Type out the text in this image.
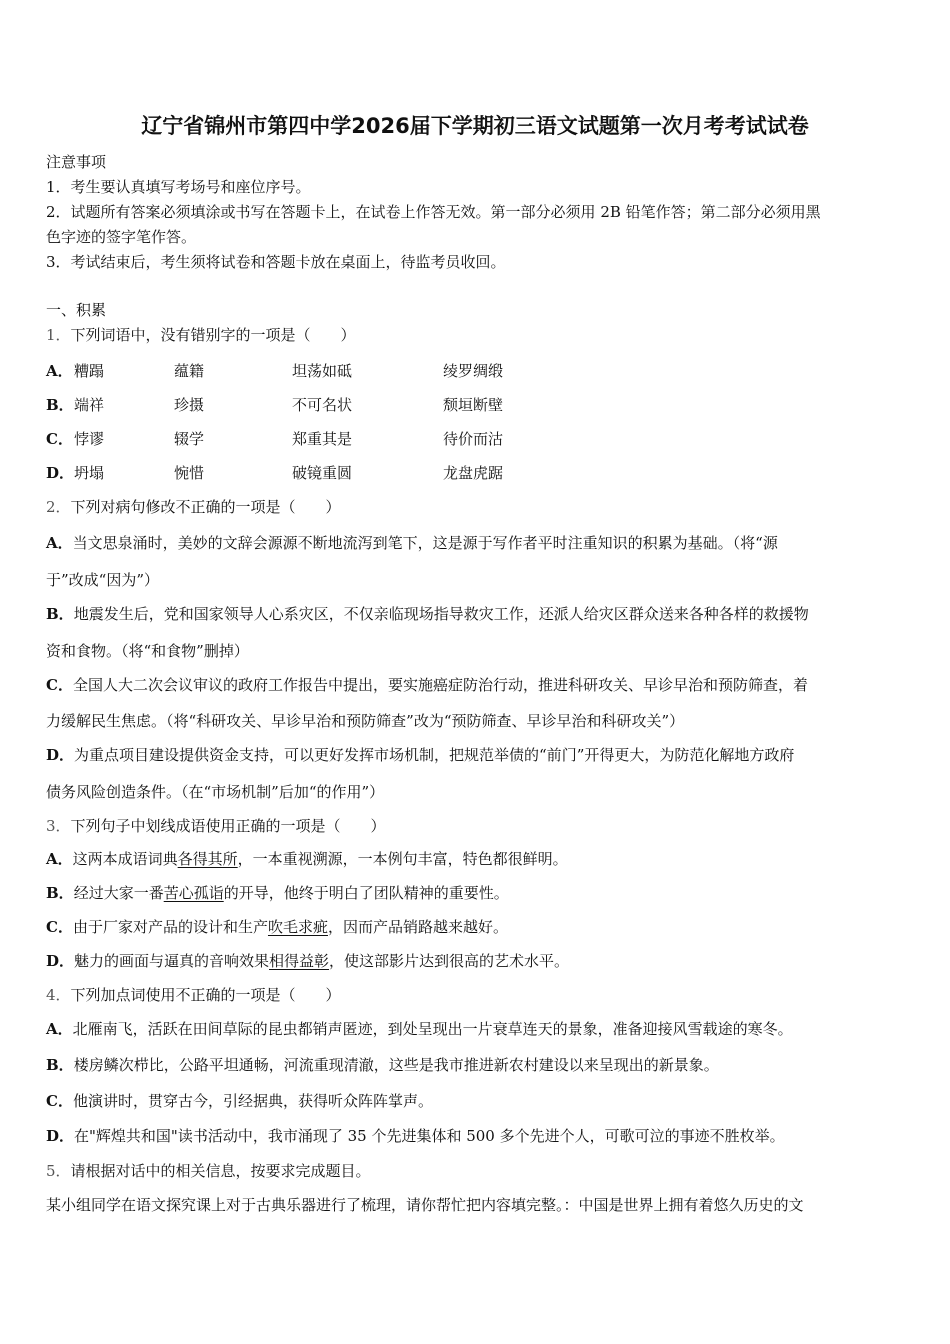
辽宁省锦州市第四中学2026届下学期初三语文试题第一次月考考试试卷
注意事项
1．考生要认真填写考场号和座位序号。
2．试题所有答案必须填涂或书写在答题卡上，在试卷上作答无效。第一部分必须用 2B 铅笔作答；第二部分必须用黑
色字迹的签字笔作答。
3．考试结束后，考生须将试卷和答题卡放在桌面上，待监考员收回。
一、积累
1．下列词语中，没有错别字的一项是（　　）
A． 糟蹋	蕴籍	坦荡如砥	绫罗绸缎
B． 端祥	珍摄	不可名状	颓垣断壁
C． 悖谬	辍学	郑重其是	待价而沽
D． 坍塌	惋惜	破镜重圆	龙盘虎踞
2．下列对病句修改不正确的一项是（　　）
A．当文思泉涌时，美妙的文辞会源源不断地流泻到笔下，这是源于写作者平时注重知识的积累为基础。（将“源
于”改成“因为”）
B．地震发生后，党和国家领导人心系灾区，不仅亲临现场指导救灾工作，还派人给灾区群众送来各种各样的救援物
资和食物。（将“和食物”删掉）
C．全国人大二次会议审议的政府工作报告中提出，要实施癌症防治行动，推进科研攻关、早诊早治和预防筛查，着
力缓解民生焦虑。（将“科研攻关、早诊早治和预防筛查”改为“预防筛查、早诊早治和科研攻关”）
D．为重点项目建设提供资金支持，可以更好发挥市场机制，把规范举债的“前门”开得更大，为防范化解地方政府
债务风险创造条件。（在“市场机制”后加“的作用”）
3．下列句子中划线成语使用正确的一项是（　　）
A．这两本成语词典各得其所，一本重视溯源，一本例句丰富，特色都很鲜明。
B．经过大家一番苦心孤诣的开导，他终于明白了团队精神的重要性。
C．由于厂家对产品的设计和生产吹毛求疵，因而产品销路越来越好。
D．魅力的画面与逼真的音响效果相得益彰，使这部影片达到很高的艺术水平。
4．下列加点词使用不正确的一项是（　　）
A．北雁南飞，活跃在田间草际的昆虫都销声匿迹，到处呈现出一片衰草连天的景象，准备迎接风雪载途的寒冬。
B．楼房鳞次栉比，公路平坦通畅，河流重现清澈，这些是我市推进新农村建设以来呈现出的新景象。
C．他演讲时，贯穿古今，引经据典，获得听众阵阵掌声。
D．在"辉煌共和国"读书活动中，我市涌现了 35 个先进集体和 500 多个先进个人，可歌可泣的事迹不胜枚举。
5．请根据对话中的相关信息，按要求完成题目。
某小组同学在语文探究课上对于古典乐器进行了梳理，请你帮忙把内容填完整。：中国是世界上拥有着悠久历史的文
